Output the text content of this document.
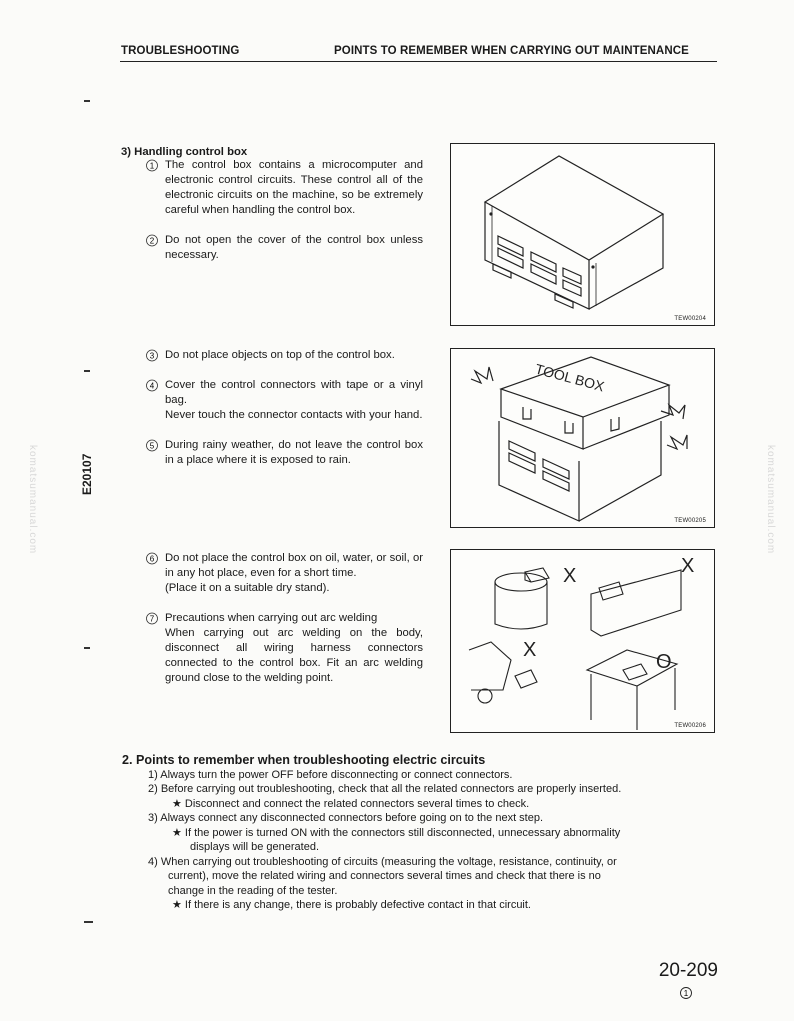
TROUBLESHOOTING	POINTS TO REMEMBER WHEN CARRYING OUT MAINTENANCE
E20107
komatsumanual.com	komatsumanual.com
3) Handling control box
1 The control box contains a microcomputer and electronic control circuits. These control all of the electronic circuits on the machine, so be extremely careful when handling the control box.
2 Do not open the cover of the control box unless necessary.
3 Do not place objects on top of the control box.
4 Cover the control connectors with tape or a vinyl bag.
Never touch the connector contacts with your hand.
5 During rainy weather, do not leave the control box in a place where it is exposed to rain.
6 Do not place the control box on oil, water, or soil, or in any hot place, even for a short time.
(Place it on a suitable dry stand).
7 Precautions when carrying out arc welding
When carrying out arc welding on the body, disconnect all wiring harness connectors connected to the control box. Fit an arc welding ground close to the welding point.
TEW00204
TOOL BOX
TEW00205
X	X
X
O
TEW00206
2. Points to remember when troubleshooting electric circuits
1) Always turn the power OFF before disconnecting or connect connectors.
2) Before carrying out troubleshooting, check that all the related connectors are properly inserted.
★ Disconnect and connect the related connectors several times to check.
3) Always connect any disconnected connectors before going on to the next step.
★ If the power is turned ON with the connectors still disconnected, unnecessary abnormality
displays will be generated.
4) When carrying out troubleshooting of circuits (measuring the voltage, resistance, continuity, or
current), move the related wiring and connectors several times and check that there is no
change in the reading of the tester.
★ If there is any change, there is probably defective contact in that circuit.
20-209
1
